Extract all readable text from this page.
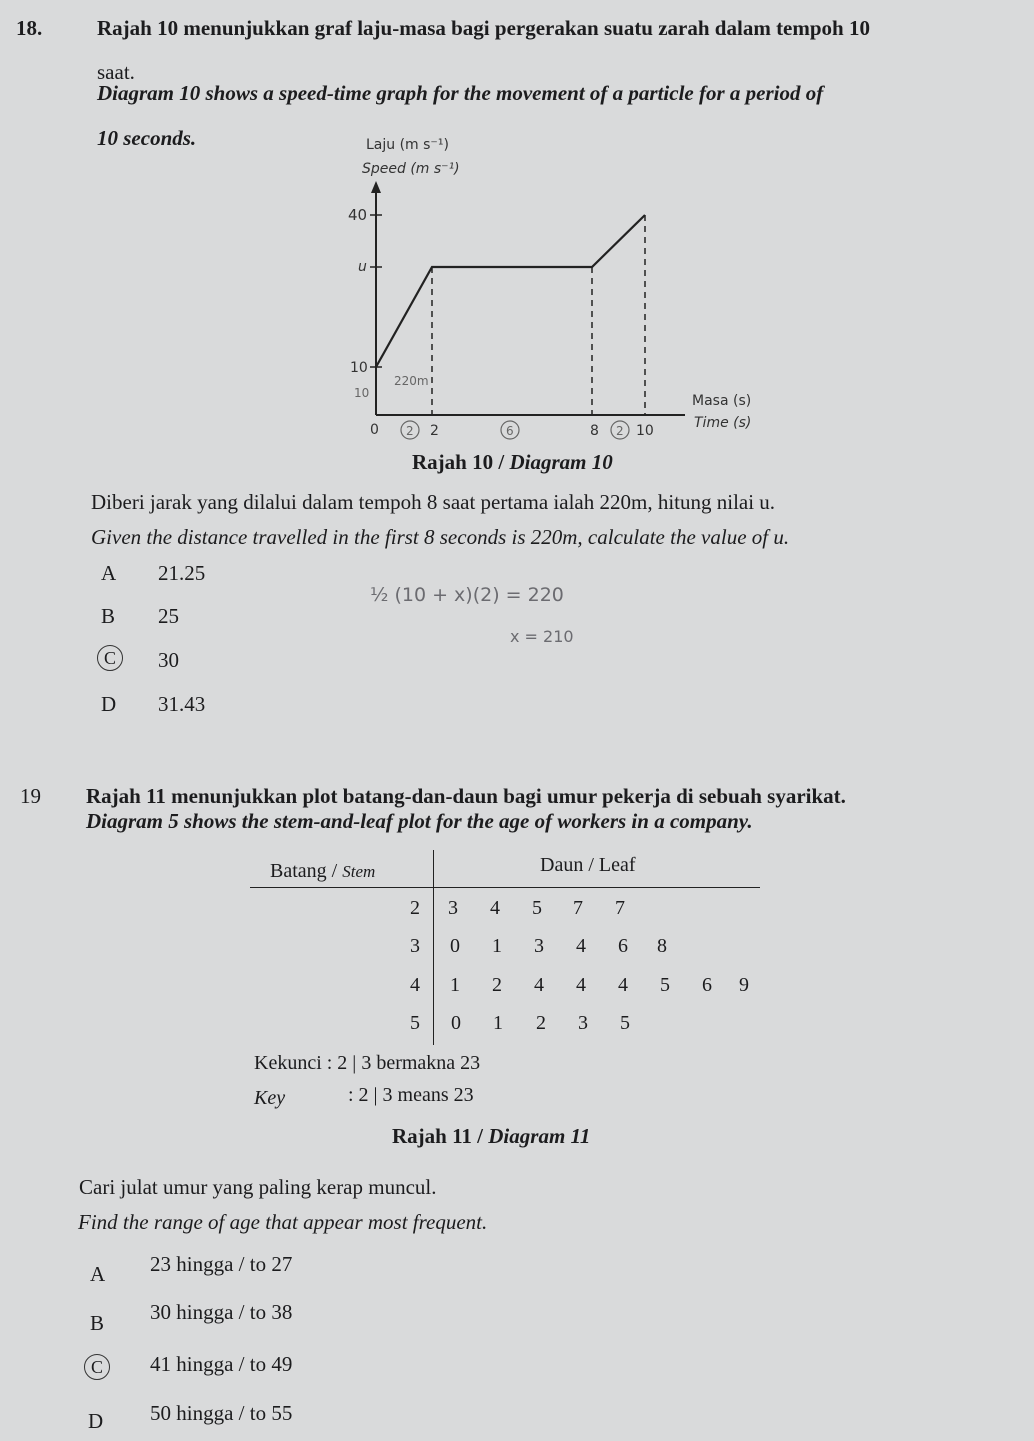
18.	Rajah 10 menunjukkan graf laju-masa bagi pergerakan suatu zarah dalam tempoh 10
saat.
Diagram 10 shows a speed-time graph for the movement of a particle for a period of
10 seconds.	Laju (m s⁻¹)
Speed (m s⁻¹)
40
u
10
10
0	2	8	10
2	6	2
220m
Masa (s)
Time (s)
Rajah 10 / Diagram 10
Diberi jarak yang dilalui dalam tempoh 8 saat pertama ialah 220m, hitung nilai u.
Given the distance travelled in the first 8 seconds is 220m, calculate the value of u.
A 21.25
B 25
C	30
D 31.43
½ (10 + x)(2) = 220
x = 210
19 Rajah 11 menunjukkan plot batang-dan-daun bagi umur pekerja di sebuah syarikat.
Diagram 5 shows the stem-and-leaf plot for the age of workers in a company.
Batang / Stem	Daun / Leaf
2	3	4	5	7	7
3	0	1	3	4	6	8
4	1	2	4	4	4	5	6	9
5	0	1	2	3	5
Kekunci : 2 | 3 bermakna 23
Key	: 2 | 3 means 23
Rajah 11 / Diagram 11
Cari julat umur yang paling kerap muncul.
Find the range of age that appear most frequent.
A 23 hingga / to 27
B 30 hingga / to 38
C	41 hingga / to 49
D 50 hingga / to 55
